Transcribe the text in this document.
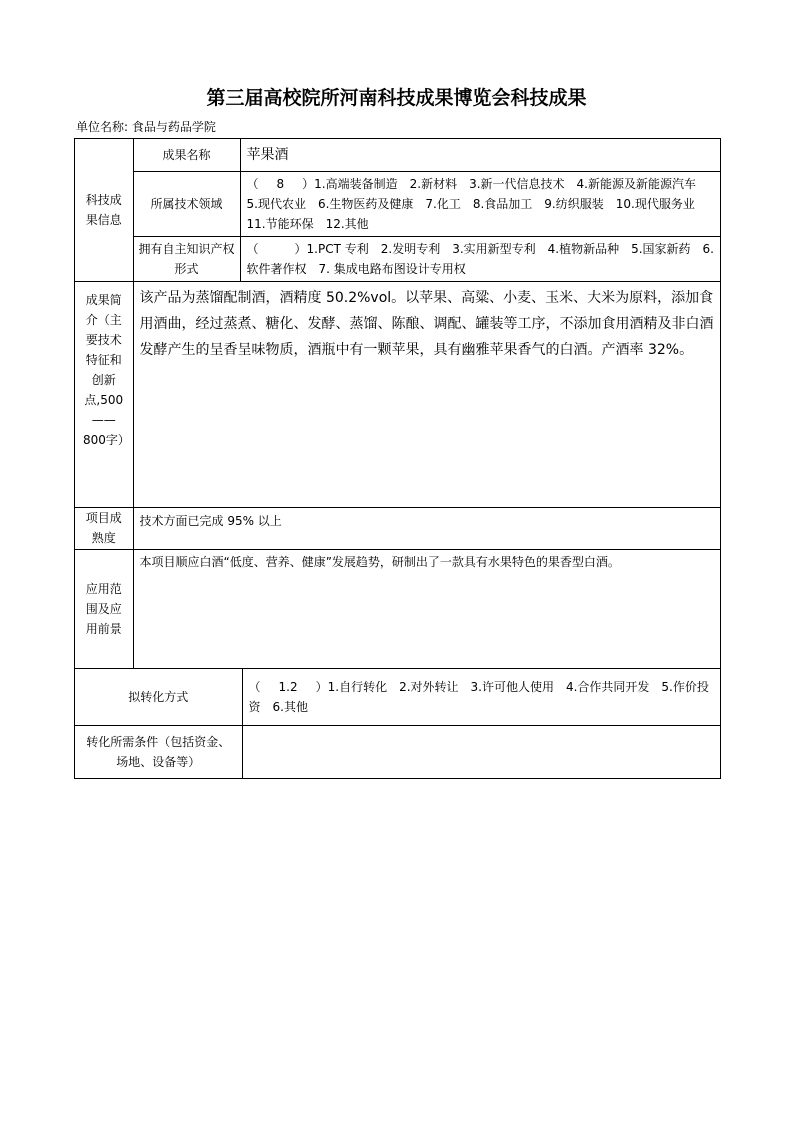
第三届高校院所河南科技成果博览会科技成果
单位名称: 食品与药品学院
科技成果信息	成果名称	苹果酒
	所属技术领域	（ 8 ）1.高端装备制造　2.新材料　3.新一代信息技术　4.新能源及新能源汽车　5.现代农业　6.生物医药及健康　7.化工　8.食品加工　9.纺织服装　10.现代服务业　11.节能环保　12.其他

	拥有自主知识产权形式	（ ）1.PCT 专利　2.发明专利　3.实用新型专利　4.植物新品种　5.国家新药　6.软件著作权　7. 集成电路布图设计专用权

成果简介（主要技术特征和创新点,500——800字）	该产品为蒸馏配制酒，酒精度 50.2%vol。以苹果、高粱、小麦、玉米、大米为原料，添加食用酒曲，经过蒸煮、糖化、发酵、蒸馏、陈酿、调配、罐装等工序，不添加食用酒精及非白酒发酵产生的呈香呈味物质，酒瓶中有一颗苹果，具有幽雅苹果香气的白酒。产酒率 32%。	

项目成熟度	技术方面已完成 95% 以上	

应用范围及应用前景	本项目顺应白酒“低度、营养、健康”发展趋势，研制出了一款具有水果特色的果香型白酒。	
拟转化方式	（ 1.2 ）1.自行转化　2.对外转让　3.许可他人使用　4.合作共同开发　5.作价投资　6.其他

转化所需条件（包括资金、场地、设备等）	
